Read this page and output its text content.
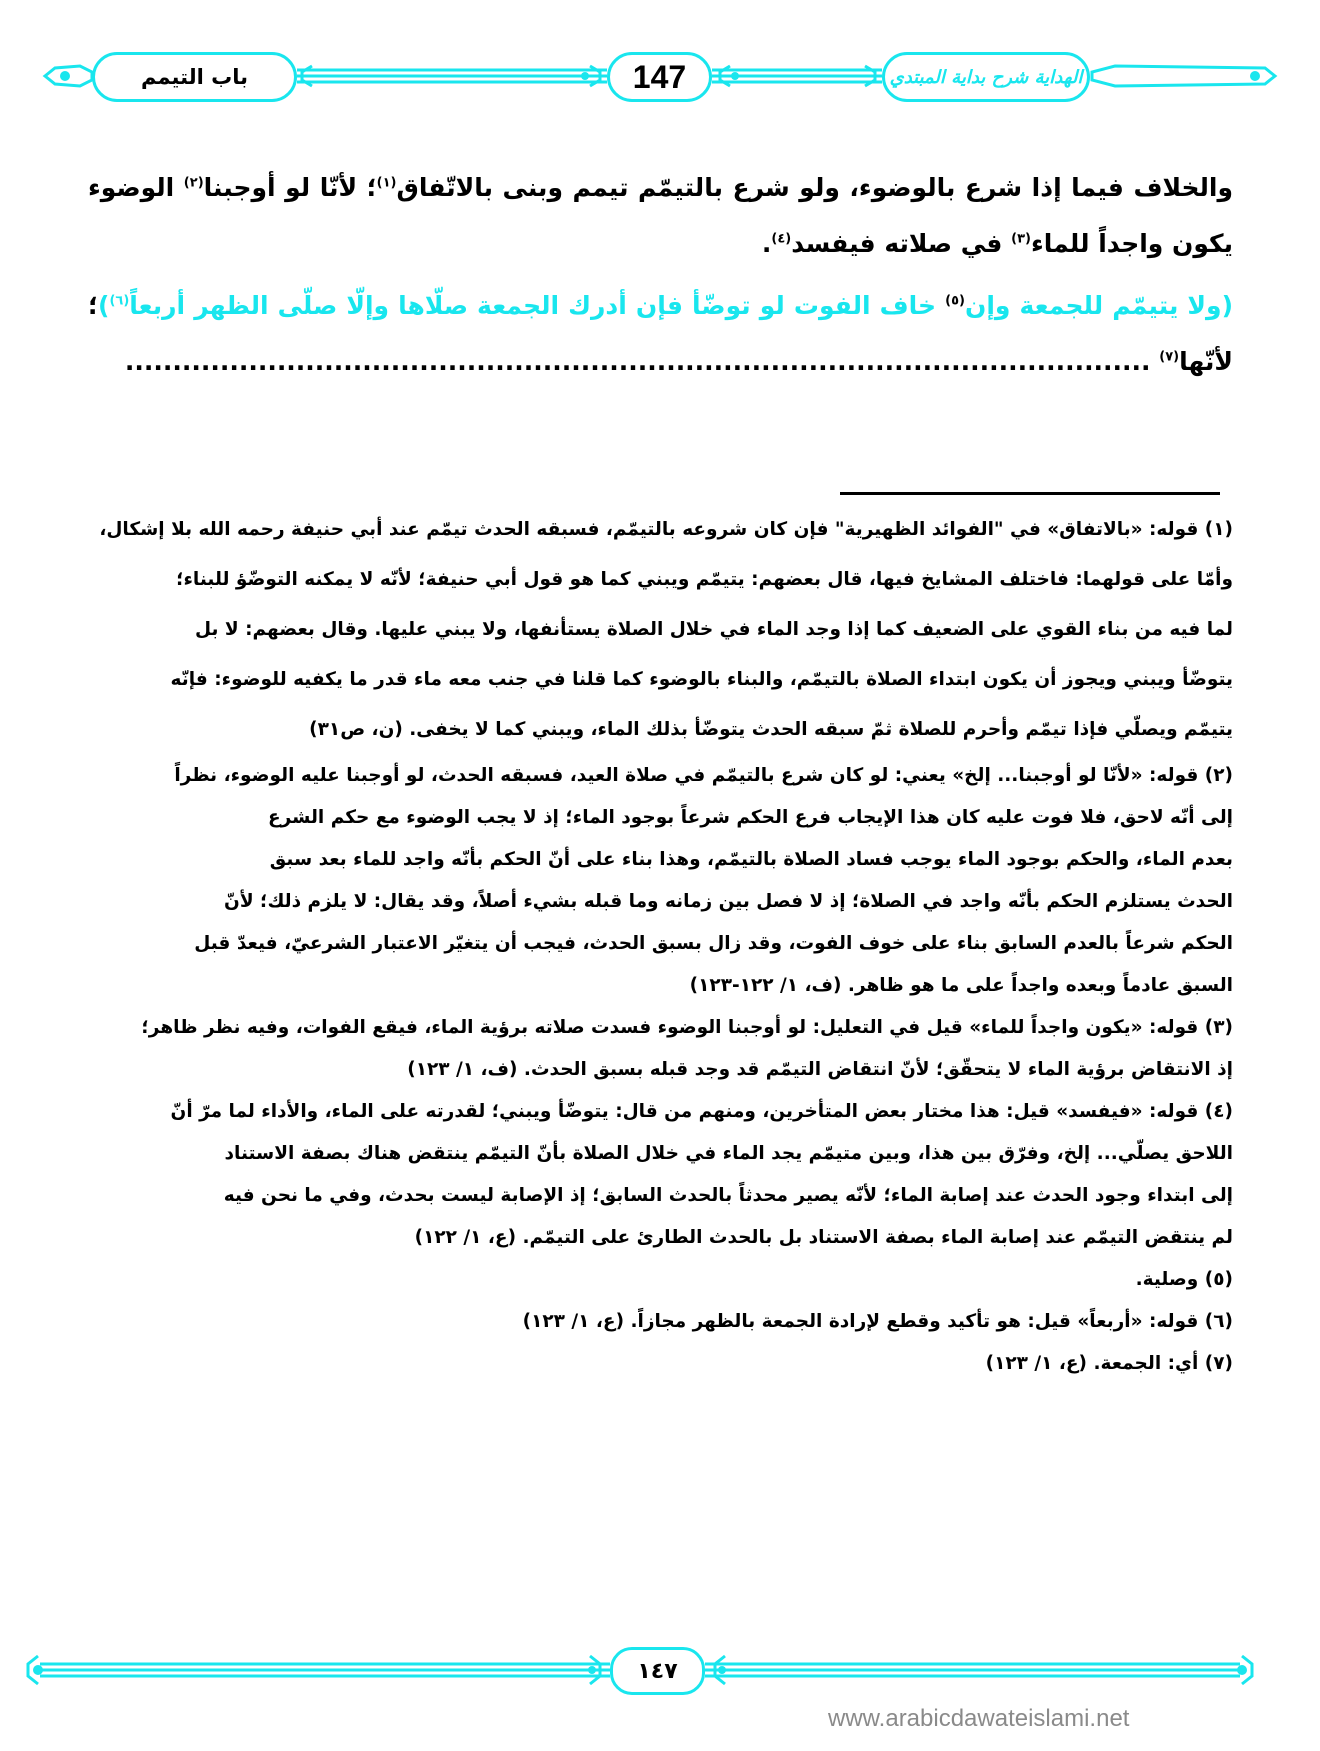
باب التيمم	147	الهداية شرح بداية المبتدي

والخلاف فيما إذا شرع بالوضوء، ولو شرع بالتيمّم تيمم وبنى بالاتّفاق$^{(١)}$؛ لأنّا لو أوجبنا$^{(٢)}$ الوضوء يكون واجداً للماء$^{(٣)}$ في صلاته فيفسد$^{(٤)}$.

(ولا يتيمّم للجمعة وإن$^{(٥)}$ خاف الفوت لو توضّأ فإن أدرك الجمعة صلّاها وإلّا صلّى الظهر أربعاً$^{(٦)}$)؛ لأنّها$^{(٧)}$ ............................................................................................................

(١) قوله: «بالاتفاق» في "الفوائد الظهيرية" فإن كان شروعه بالتيمّم، فسبقه الحدث تيمّم عند أبي حنيفة رحمه الله بلا إشكال،

وأمّا على قولهما: فاختلف المشايخ فيها، قال بعضهم: يتيمّم ويبني كما هو قول أبي حنيفة؛ لأنّه لا يمكنه التوضّؤ للبناء؛

لما فيه من بناء القوي على الضعيف كما إذا وجد الماء في خلال الصلاة يستأنفها، ولا يبني عليها. وقال بعضهم: لا بل

يتوضّأ ويبني ويجوز أن يكون ابتداء الصلاة بالتيمّم، والبناء بالوضوء كما قلنا في جنب معه ماء قدر ما يكفيه للوضوء: فإنّه

يتيمّم ويصلّي فإذا تيمّم وأحرم للصلاة ثمّ سبقه الحدث يتوضّأ بذلك الماء، ويبني كما لا يخفى. (ن، ص٣١)

(٢) قوله: «لأنّا لو أوجبنا... إلخ» يعني: لو كان شرع بالتيمّم في صلاة العيد، فسبقه الحدث، لو أوجبنا عليه الوضوء، نظراً

إلى أنّه لاحق، فلا فوت عليه كان هذا الإيجاب فرع الحكم شرعاً بوجود الماء؛ إذ لا يجب الوضوء مع حكم الشرع

بعدم الماء، والحكم بوجود الماء يوجب فساد الصلاة بالتيمّم، وهذا بناء على أنّ الحكم بأنّه واجد للماء بعد سبق

الحدث يستلزم الحكم بأنّه واجد في الصلاة؛ إذ لا فصل بين زمانه وما قبله بشيء أصلاً، وقد يقال: لا يلزم ذلك؛ لأنّ

الحكم شرعاً بالعدم السابق بناء على خوف الفوت، وقد زال بسبق الحدث، فيجب أن يتغيّر الاعتبار الشرعيّ، فيعدّ قبل

السبق عادماً وبعده واجداً على ما هو ظاهر. (ف، ١/ ١٢٢-١٢٣)

(٣) قوله: «يكون واجداً للماء» قيل في التعليل: لو أوجبنا الوضوء فسدت صلاته برؤية الماء، فيقع الفوات، وفيه نظر ظاهر؛

إذ الانتقاض برؤية الماء لا يتحقّق؛ لأنّ انتقاض التيمّم قد وجد قبله بسبق الحدث. (ف، ١/ ١٢٣)

(٤) قوله: «فيفسد» قيل: هذا مختار بعض المتأخرين، ومنهم من قال: يتوضّأ ويبني؛ لقدرته على الماء، والأداء لما مرّ أنّ

اللاحق يصلّي... إلخ، وفرّق بين هذا، وبين متيمّم يجد الماء في خلال الصلاة بأنّ التيمّم ينتقض هناك بصفة الاستناد

إلى ابتداء وجود الحدث عند إصابة الماء؛ لأنّه يصير محدثاً بالحدث السابق؛ إذ الإصابة ليست بحدث، وفي ما نحن فيه

لم ينتقض التيمّم عند إصابة الماء بصفة الاستناد بل بالحدث الطارئ على التيمّم. (ع، ١/ ١٢٢)

(٥) وصلية.

(٦) قوله: «أربعاً» قيل: هو تأكيد وقطع لإرادة الجمعة بالظهر مجازاً. (ع، ١/ ١٢٣)

(٧) أي: الجمعة. (ع، ١/ ١٢٣)

١٤٧
www.arabicdawateislami.net
